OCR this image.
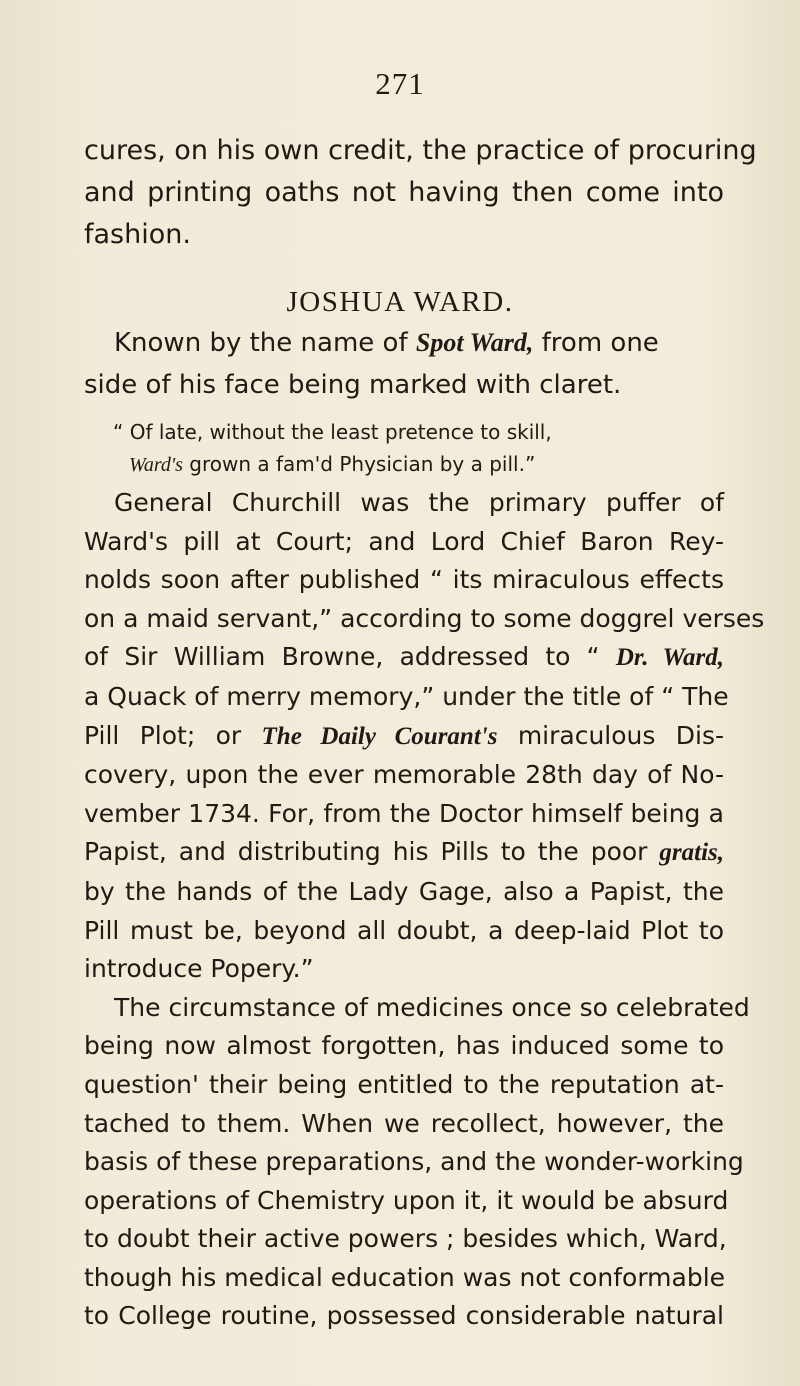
271
cures, on his own credit, the practice of procuring
and printing oaths not having then come into
fashion.
JOSHUA WARD.
Known by the name of Spot Ward, from one
side of his face being marked with claret.
“ Of late, without the least pretence to skill,
Ward's grown a fam'd Physician by a pill.”
General Churchill was the primary puffer of
Ward's pill at Court; and Lord Chief Baron Rey-
nolds soon after published “ its miraculous effects
on a maid servant,” according to some doggrel verses
of Sir William Browne, addressed to “ Dr. Ward,
a Quack of merry memory,” under the title of “ The
Pill Plot; or The Daily Courant's miraculous Dis-
covery, upon the ever memorable 28th day of No-
vember 1734. For, from the Doctor himself being a
Papist, and distributing his Pills to the poor gratis,
by the hands of the Lady Gage, also a Papist, the
Pill must be, beyond all doubt, a deep-laid Plot to
introduce Popery.”
The circumstance of medicines once so celebrated
being now almost forgotten, has induced some to
question' their being entitled to the reputation at-
tached to them. When we recollect, however, the
basis of these preparations, and the wonder-working
operations of Chemistry upon it, it would be absurd
to doubt their active powers ; besides which, Ward,
though his medical education was not conformable
to College routine, possessed considerable natural
